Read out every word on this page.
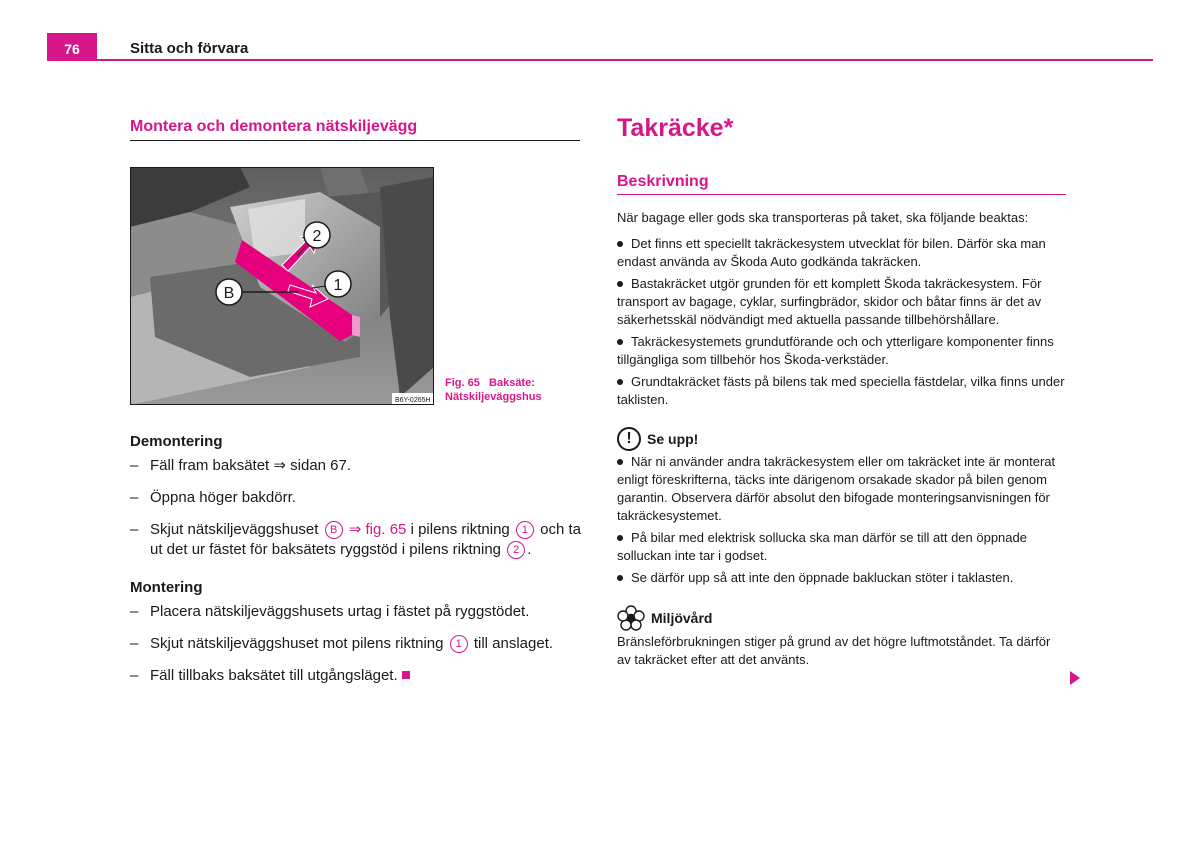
76	Sitta och förvara
Montera och demontera nätskiljevägg
B
2
1
B6Y-0265H
Fig. 65 Baksäte:
Nätskiljeväggshus
Demontering
– Fäll fram baksätet ⇒ sidan 67.
– Öppna höger bakdörr.
– Skjut nätskiljeväggshuset B ⇒ fig. 65 i pilens riktning 1 och ta ut det ur fästet för baksätets ryggstöd i pilens riktning 2 .
Montering
– Placera nätskiljeväggshusets urtag i fästet på ryggstödet.
– Skjut nätskiljeväggshuset mot pilens riktning 1 till anslaget.
– Fäll tillbaks baksätet till utgångsläget.
Takräcke*
Beskrivning

När bagage eller gods ska transporteras på taket, ska följande beaktas:

Det finns ett speciellt takräckesystem utvecklat för bilen. Därför ska man endast använda av Škoda Auto godkända takräcken.
Bastakräcket utgör grunden för ett komplett Škoda takräckesystem. För transport av bagage, cyklar, surfingbrädor, skidor och båtar finns är det av säkerhetsskäl nödvändigt med aktuella passande tillbehörshållare.
Takräckesystemets grundutförande och och ytterligare komponenter finns tillgängliga som tillbehör hos Škoda-verkstäder.
Grundtakräcket fästs på bilens tak med speciella fästdelar, vilka finns under taklisten.
!	Se upp!
När ni använder andra takräckesystem eller om takräcket inte är monterat enligt föreskrifterna, täcks inte därigenom orsakade skador på bilen genom garantin. Observera därför absolut den bifogade monteringsanvisningen för takräckesystemet.
På bilar med elektrisk sollucka ska man därför se till att den öppnade solluckan inte tar i godset.
Se därför upp så att inte den öppnade bakluckan stöter i taklasten.
Miljövård

Bränsleförbrukningen stiger på grund av det högre luftmotståndet. Ta därför av takräcket efter att det använts.
